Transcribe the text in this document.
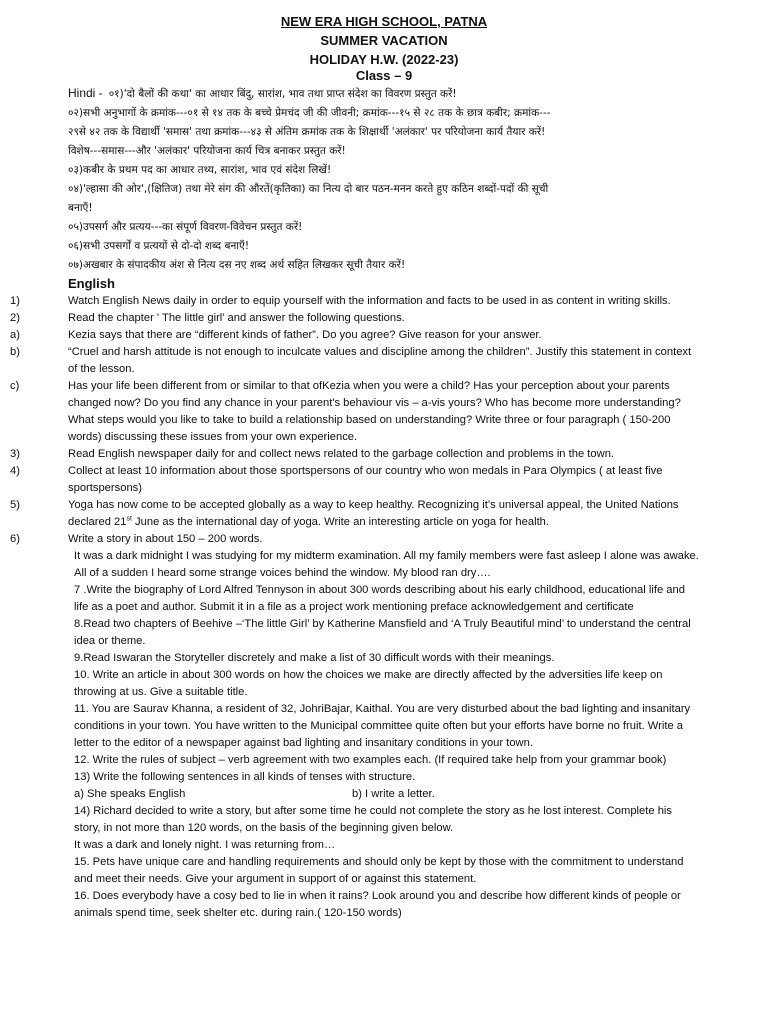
NEW ERA HIGH SCHOOL, PATNA
SUMMER VACATION
HOLIDAY H.W. (2022-23)
Class – 9

Hindi - ०१)'दो बैलों की कथा' का आधार बिंदु, सारांश, भाव तथा प्राप्त संदेश का विवरण प्रस्तुत करें!

०२)सभी अनुभागों के क्रमांक---०१ से १४ तक के बच्चे प्रेमचंद जी की जीवनी; क्रमांक---१५ से २८ तक के छात्र कबीर; क्रमांक---

२९से ४२ तक के विद्यार्थी 'समास' तथा क्रमांक---४३ से अंतिम क्रमांक तक के शिक्षार्थी 'अलंकार' पर परियोजना कार्य तैयार करें!

विशेष---समास---और 'अलंकार' परियोजना कार्य चित्र बनाकर प्रस्तुत करें!

०३)कबीर के प्रथम पद का आधार तथ्य, सारांश, भाव एवं संदेश लिखें!

०४)'ल्हासा की ओर',(क्षितिज) तथा मेरे संग की औरतें(कृतिका) का नित्य दो बार पठन-मनन करते हुए कठिन शब्दों-पदों की सूची

बनाएँ!

०५)उपसर्ग और प्रत्यय---का संपूर्ण विवरण-विवेचन प्रस्तुत करें!

०६)सभी उपसर्गों व प्रत्ययों से दो-दो शब्द बनाएँ!

०७)अखबार के संपादकीय अंश से नित्य दस नए शब्द अर्थ सहित लिखकर सूची तैयार करें!

English

1)	Watch English News daily in order to equip yourself with the information and facts to be used in as content in writing skills.
2)	Read the chapter ' The little girl' and answer the following questions.
a)	Kezia says that there are “different kinds of father”. Do you agree? Give reason for your answer.
b)	“Cruel and harsh attitude is not enough to inculcate values and discipline among the children”. Justify this statement in context of the lesson.
c)	Has your life been different from or similar to that ofKezia when you were a child? Has your perception about your parents changed now? Do you find any chance in your parent's behaviour vis – a-vis yours? Who has become more understanding? What steps would you like to take to build a relationship based on understanding? Write three or four paragraph ( 150-200 words) discussing these issues from your own experience.
3)	Read English newspaper daily for and collect news related to the garbage collection and problems in the town.
4)	Collect at least 10 information about those sportspersons of our country who won medals in Para Olympics ( at least five sportspersons)
5)	Yoga has now come to be accepted globally as a way to keep healthy. Recognizing it’s universal appeal, the United Nations declared 21st June as the international day of yoga. Write an interesting article on yoga for health.
6)	Write a story in about 150 – 200 words.

It was a dark midnight I was studying for my midterm examination. All my family members were fast asleep I alone was awake. All of a sudden I heard some strange voices behind the window. My blood ran dry….

7 .Write the biography of Lord Alfred Tennyson in about 300 words describing about his early childhood, educational life and life as a poet and author. Submit it in a file as a project work mentioning preface acknowledgement and certificate

8.Read two chapters of Beehive –‘The little Girl’ by Katherine Mansfield and ‘A Truly Beautiful mind’ to understand the central idea or theme.

9.Read Iswaran the Storyteller discretely and make a list of 30 difficult words with their meanings.

10. Write an article in about 300 words on how the choices we make are directly affected by the adversities life keep on throwing at us. Give a suitable title.

11. You are Saurav Khanna, a resident of 32, JohriBajar, Kaithal. You are very disturbed about the bad lighting and insanitary conditions in your town. You have written to the Municipal committee quite often but your efforts have borne no fruit. Write a letter to the editor of a newspaper against bad lighting and insanitary conditions in your town.

12. Write the rules of subject – verb agreement with two examples each. (If required take help from your grammar book)

13) Write the following sentences in all kinds of tenses with structure.

a) She speaks English	b) I write a letter.

14) Richard decided to write a story, but after some time he could not complete the story as he lost interest. Complete his story, in not more than 120 words, on the basis of the beginning given below.

It was a dark and lonely night. I was returning from…

15. Pets have unique care and handling requirements and should only be kept by those with the commitment to understand and meet their needs. Give your argument in support of or against this statement.

16. Does everybody have a cosy bed to lie in when it rains? Look around you and describe how different kinds of people or animals spend time, seek shelter etc. during rain.( 120-150 words)
